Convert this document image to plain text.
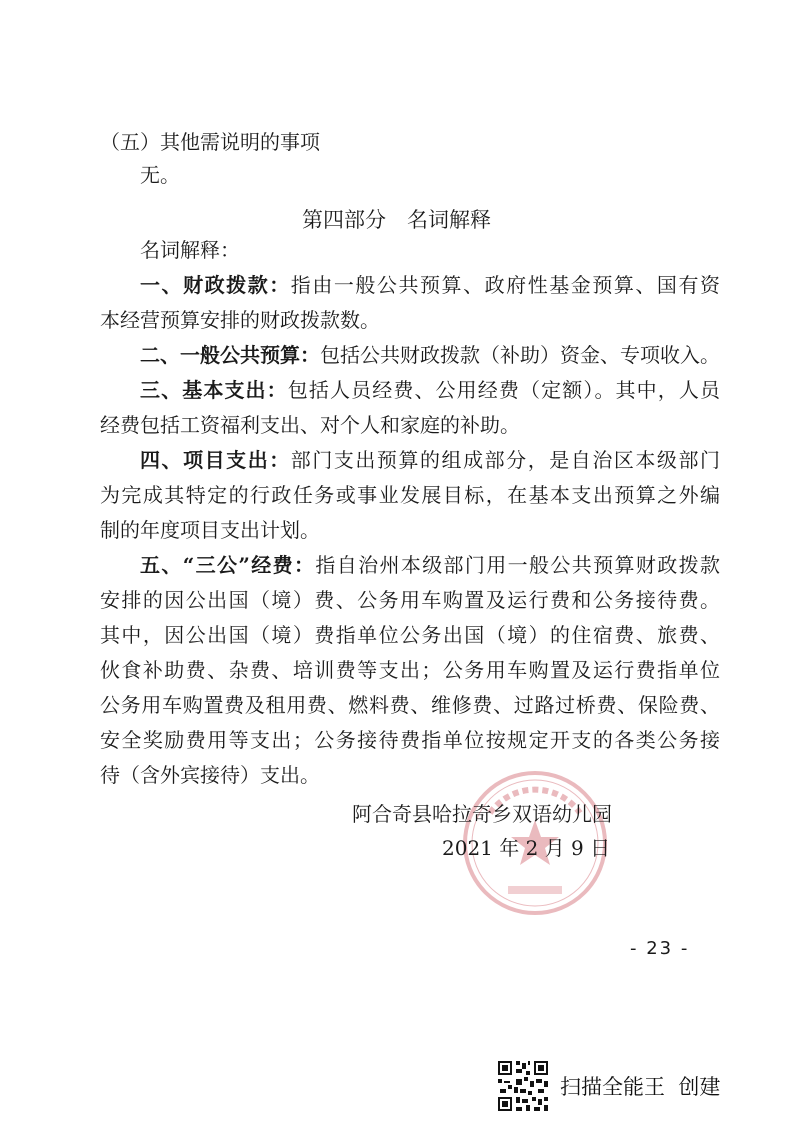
（五）其他需说明的事项
无。
第四部分　名词解释
名词解释：
一、财政拨款：指由一般公共预算、政府性基金预算、国有资
本经营预算安排的财政拨款数。
二、一般公共预算：包括公共财政拨款（补助）资金、专项收入。
三、基本支出：包括人员经费、公用经费（定额）。其中，人员
经费包括工资福利支出、对个人和家庭的补助。
四、项目支出：部门支出预算的组成部分，是自治区本级部门
为完成其特定的行政任务或事业发展目标，在基本支出预算之外编
制的年度项目支出计划。
五、“三公”经费：指自治州本级部门用一般公共预算财政拨款
安排的因公出国（境）费、公务用车购置及运行费和公务接待费。
其中，因公出国（境）费指单位公务出国（境）的住宿费、旅费、
伙食补助费、杂费、培训费等支出；公务用车购置及运行费指单位
公务用车购置费及租用费、燃料费、维修费、过路过桥费、保险费、
安全奖励费用等支出；公务接待费指单位按规定开支的各类公务接
待（含外宾接待）支出。
阿合奇县哈拉奇乡双语幼儿园
2021 年 2 月 9 日
- 23 -
扫描全能王  创建
